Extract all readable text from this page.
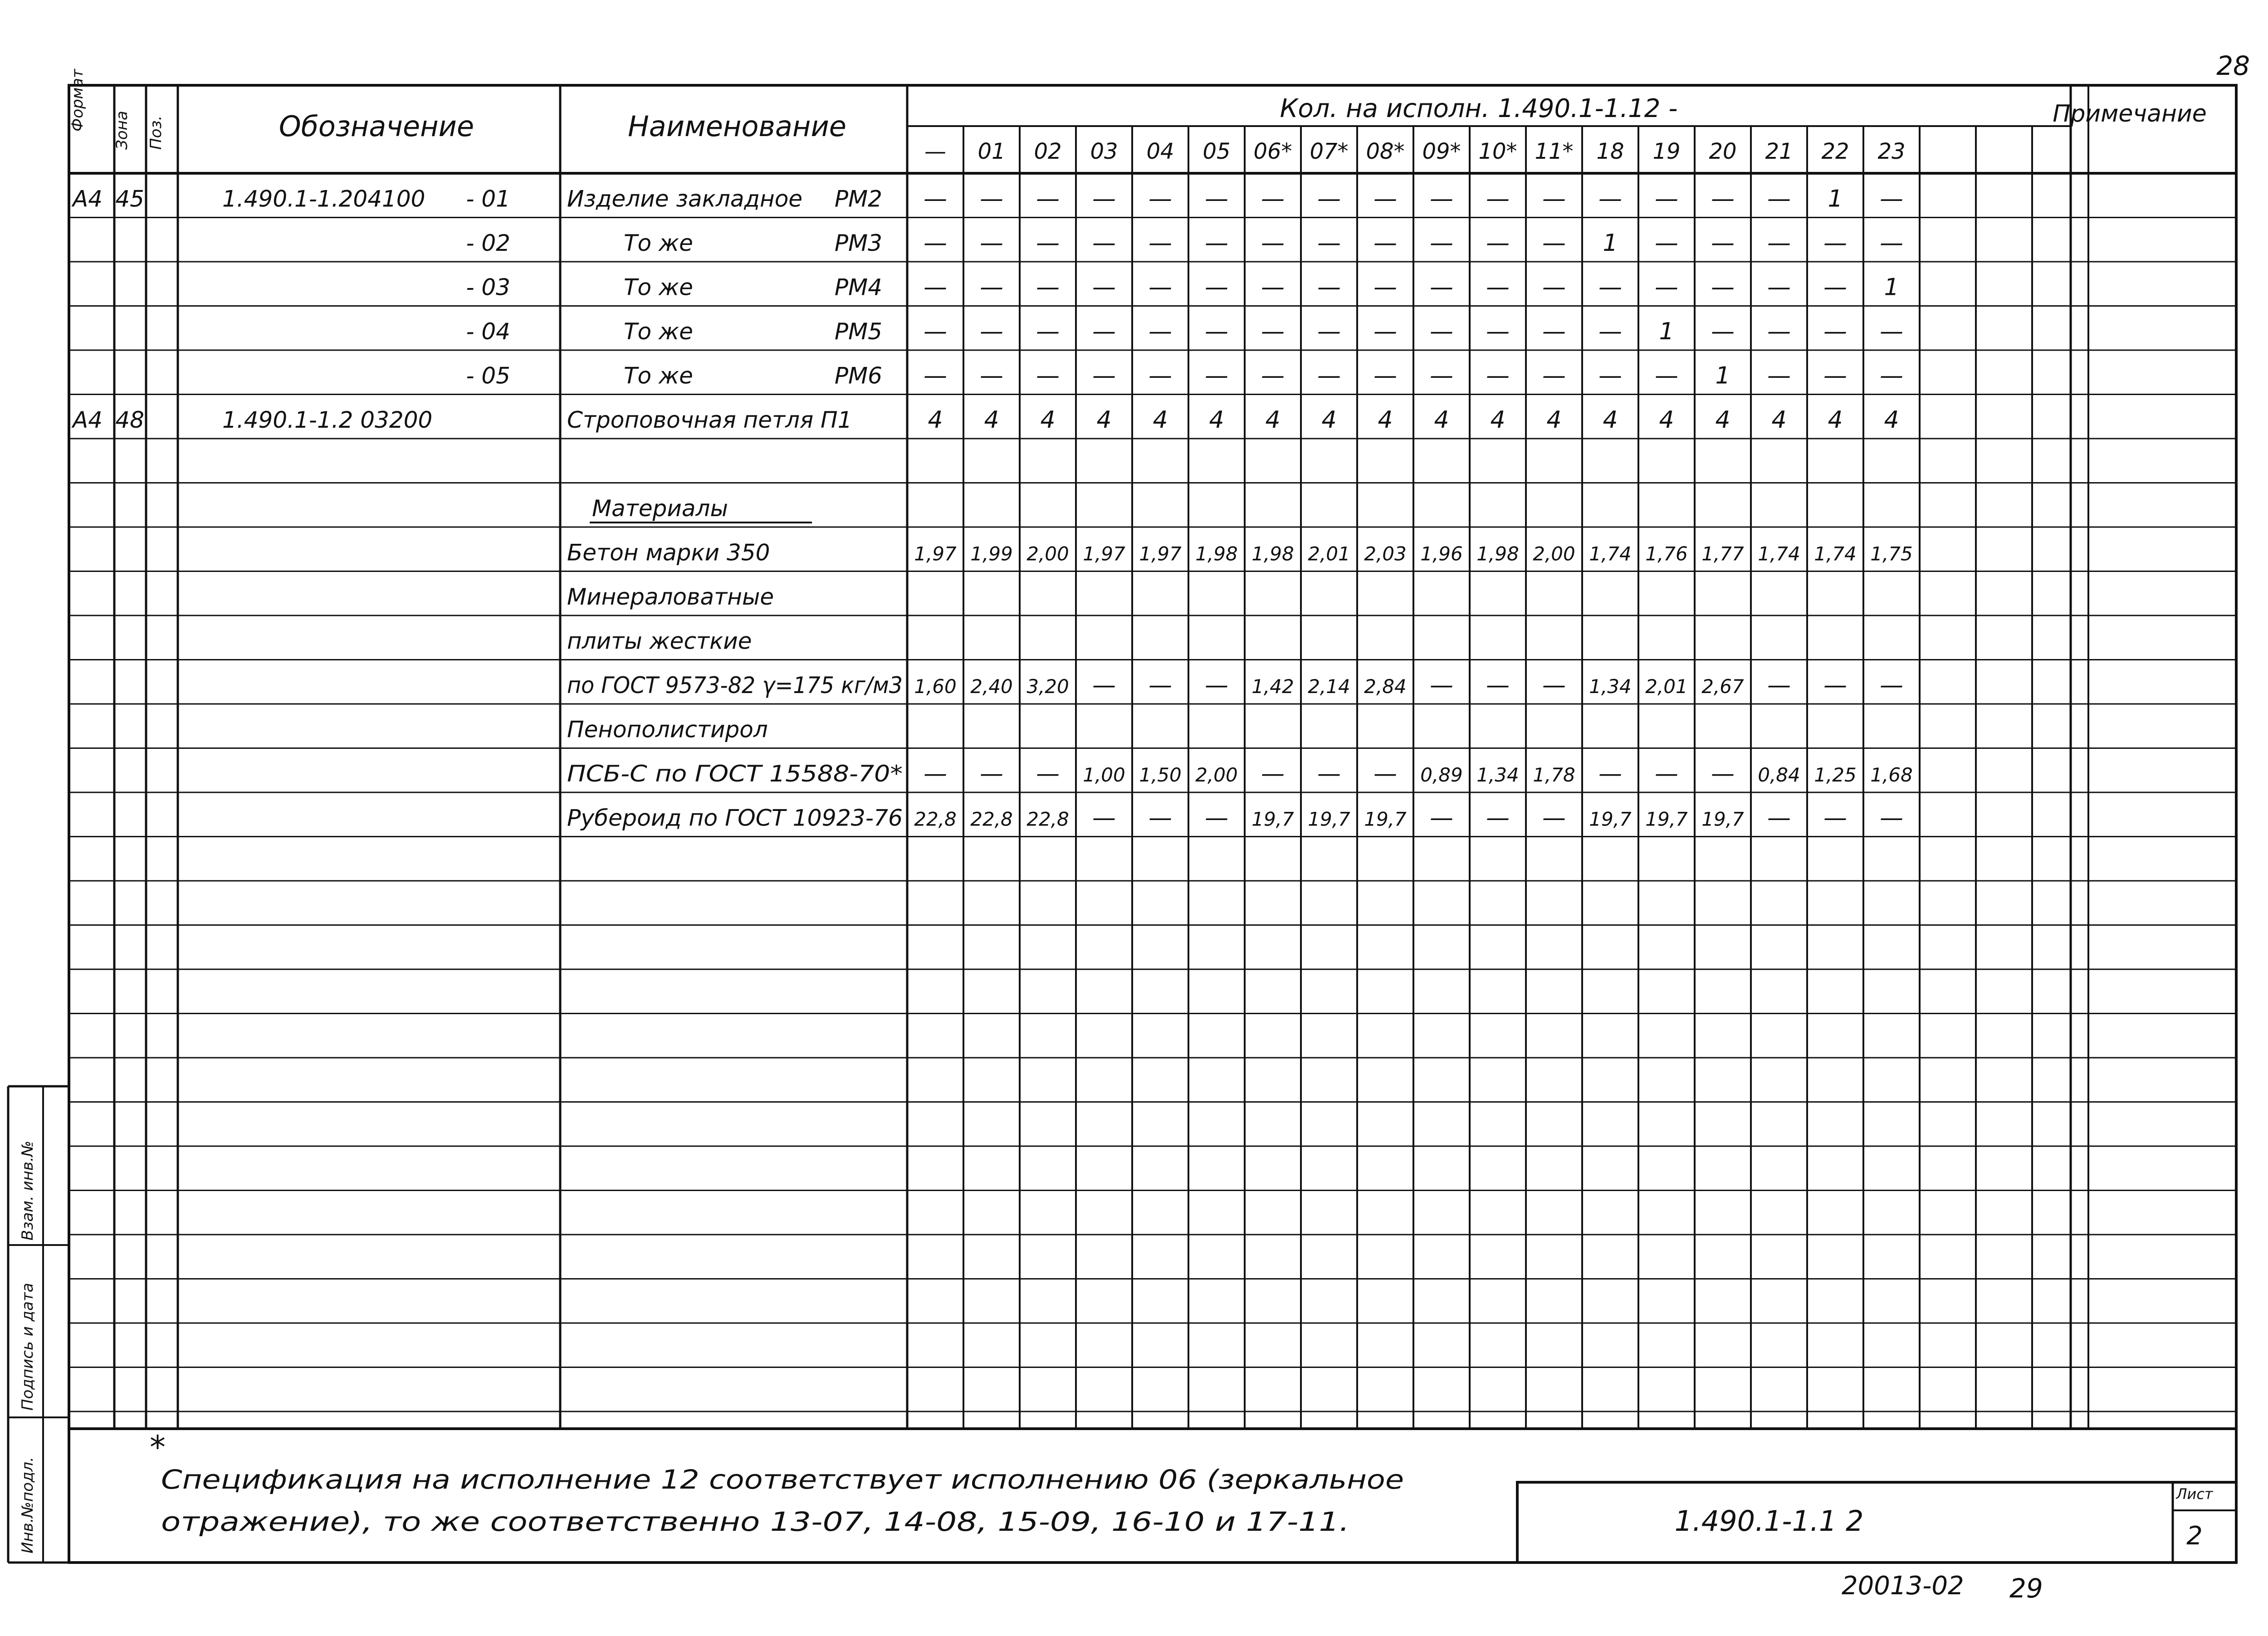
28
Формат Зона Поз.	Обозначение	Наименование
Кол. на исполн. 1.490.1-1.12 -	Примечание
— 01 02 03 04 05 06* 07* 08* 09* 10* 11* 18 19 20 21 22 23
А4 45	1.490.1-1.204100 - 01	Изделие закладное РМ2 — — — — — — — — — — — — — — — — 1 —
- 02	То же	РМ3 — — — — — — — — — — — — 1 — — — — —
- 03	То же	РМ4 — — — — — — — — — — — — — — — — — 1
- 04	То же	РМ5 — — — — — — — — — — — — — 1 — — — —
- 05	То же	РМ6 — — — — — — — — — — — — — — 1 — — —
А4 48	1.490.1-1.2 03200	Строповочная петля П1	4 4 4 4 4 4 4 4 4 4 4 4 4 4 4 4 4 4
Материалы
Бетон марки 350	1,97 1,99 2,00 1,97 1,97 1,98 1,98 2,01 2,03 1,96 1,98 2,00 1,74 1,76 1,77 1,74 1,74 1,75
Минераловатные
плиты жесткие
по ГОСТ 9573-82 γ=175 кг/м3 1,60 2,40 3,20 — — — 1,42 2,14 2,84 — — — 1,34 2,01 2,67 — — —
Пенополистирол
ПСБ-С по ГОСТ 15588-70* — — — 1,00 1,50 2,00 — — — 0,89 1,34 1,78 — — — 0,84 1,25 1,68
Рубероид по ГОСТ 10923-76 22,8 22,8 22,8 — — — 19,7 19,7 19,7 — — — 19,7 19,7 19,7 — — —
Инв.№подл.
Подпись и дата
Взам. инв.№
*
Спецификация на исполнение 12 соответствует исполнению 06 (зеркальное
отражение), то же соответственно 13-07, 14-08, 15-09, 16-10 и 17-11.	1.490.1-1.1 2
Лист
2
20013-02 29
